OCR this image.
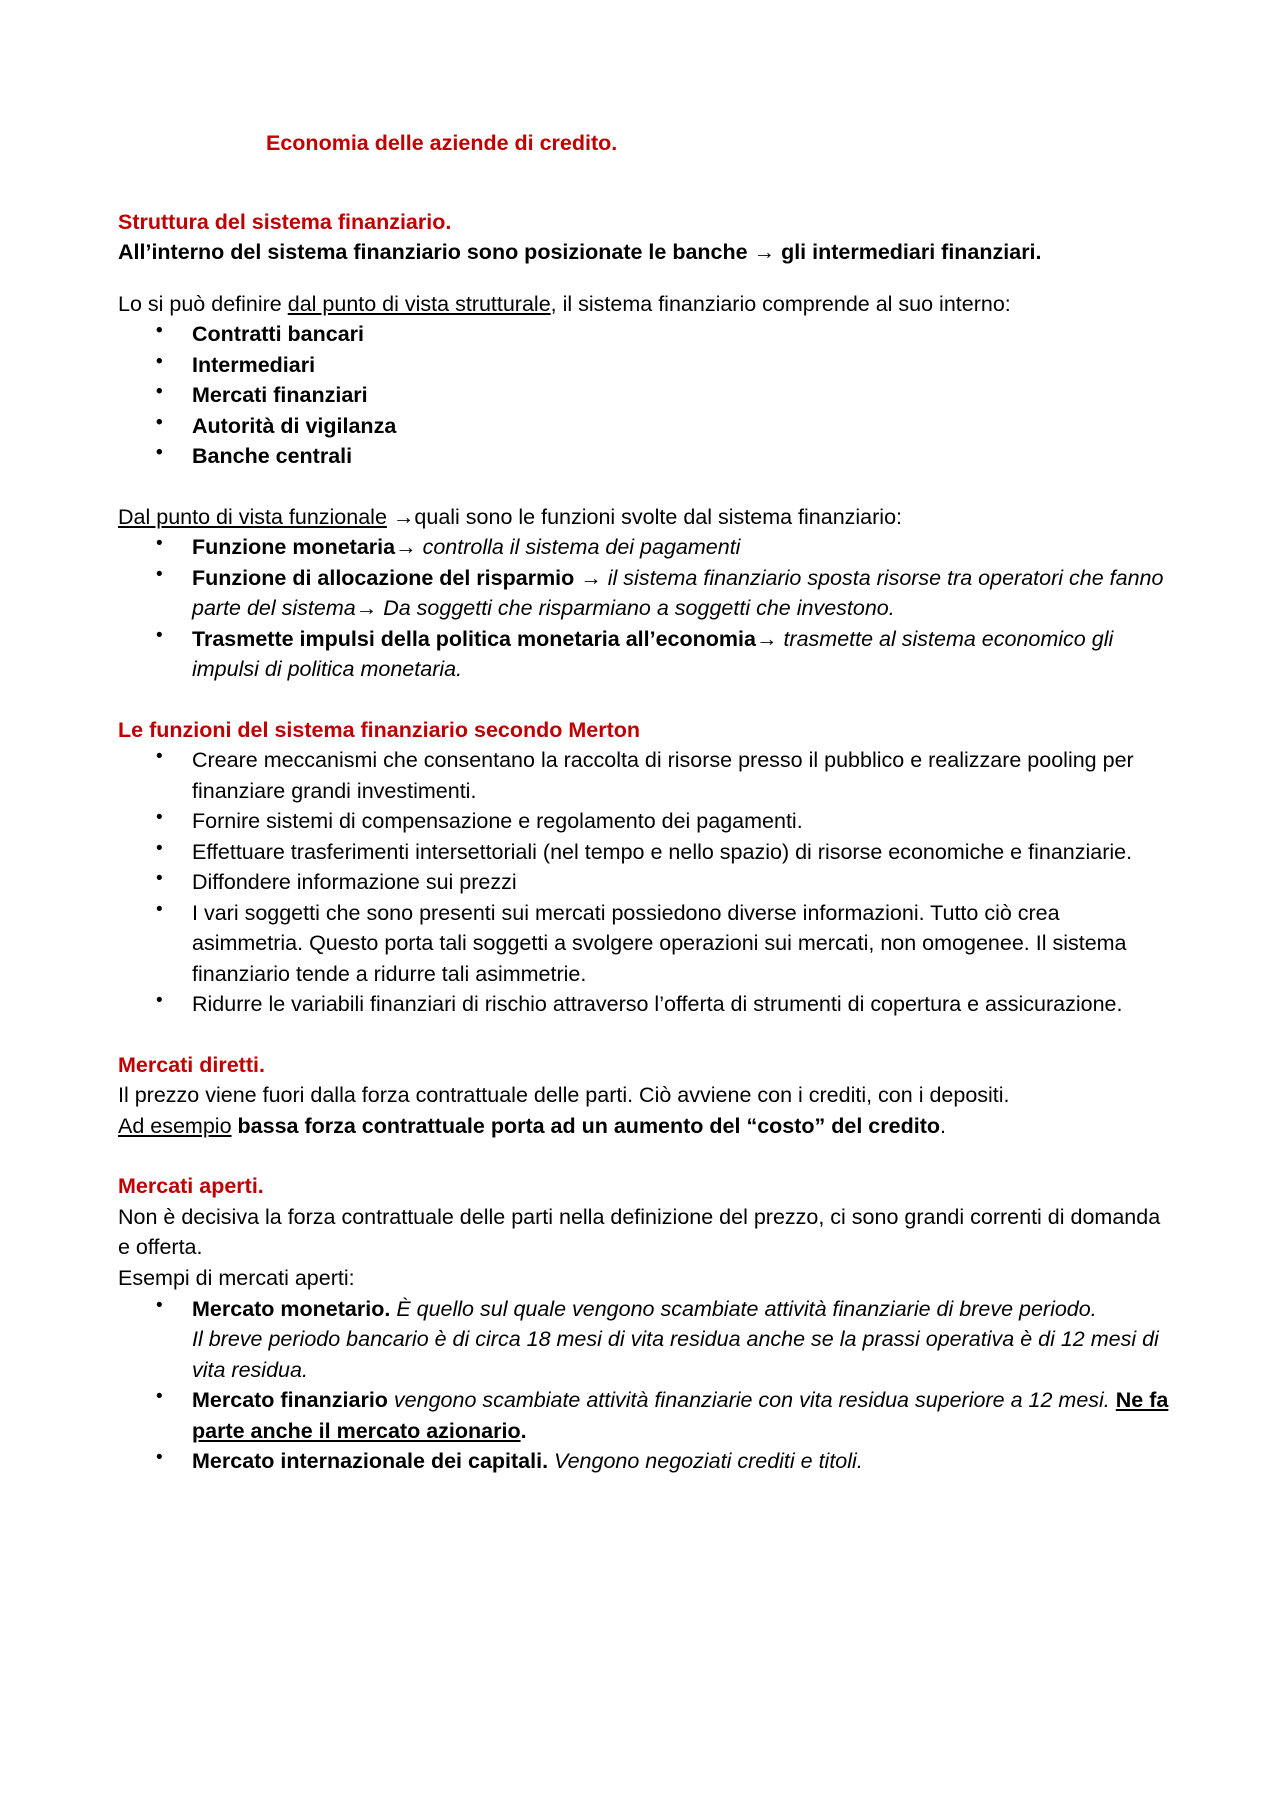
Economia delle aziende di credito.

Struttura del sistema finanziario.

All’interno del sistema finanziario sono posizionate le banche → gli intermediari finanziari.

Lo si può definire dal punto di vista strutturale, il sistema finanziario comprende al suo interno:

• Contratti bancari
• Intermediari
• Mercati finanziari
• Autorità di vigilanza
• Banche centrali

Dal punto di vista funzionale →quali sono le funzioni svolte dal sistema finanziario:

• Funzione monetaria→ controlla il sistema dei pagamenti
• Funzione di allocazione del risparmio → il sistema finanziario sposta risorse tra operatori che fanno parte del sistema→ Da soggetti che risparmiano a soggetti che investono.
• Trasmette impulsi della politica monetaria all’economia→ trasmette al sistema economico gli impulsi di politica monetaria.

Le funzioni del sistema finanziario secondo Merton

• Creare meccanismi che consentano la raccolta di risorse presso il pubblico e realizzare pooling per finanziare grandi investimenti.
• Fornire sistemi di compensazione e regolamento dei pagamenti.
• Effettuare trasferimenti intersettoriali (nel tempo e nello spazio) di risorse economiche e finanziarie.
• Diffondere informazione sui prezzi
• I vari soggetti che sono presenti sui mercati possiedono diverse informazioni. Tutto ciò crea asimmetria. Questo porta tali soggetti a svolgere operazioni sui mercati, non omogenee. Il sistema finanziario tende a ridurre tali asimmetrie.
• Ridurre le variabili finanziari di rischio attraverso l’offerta di strumenti di copertura e assicurazione.

Mercati diretti.

Il prezzo viene fuori dalla forza contrattuale delle parti. Ciò avviene con i crediti, con i depositi.

Ad esempio bassa forza contrattuale porta ad un aumento del “costo” del credito.

Mercati aperti.

Non è decisiva la forza contrattuale delle parti nella definizione del prezzo, ci sono grandi correnti di domanda e offerta.

Esempi di mercati aperti:

• Mercato monetario. È quello sul quale vengono scambiate attività finanziarie di breve periodo.
Il breve periodo bancario è di circa 18 mesi di vita residua anche se la prassi operativa è di 12 mesi di vita residua.
• Mercato finanziario vengono scambiate attività finanziarie con vita residua superiore a 12 mesi. Ne fa parte anche il mercato azionario.
• Mercato internazionale dei capitali. Vengono negoziati crediti e titoli.
